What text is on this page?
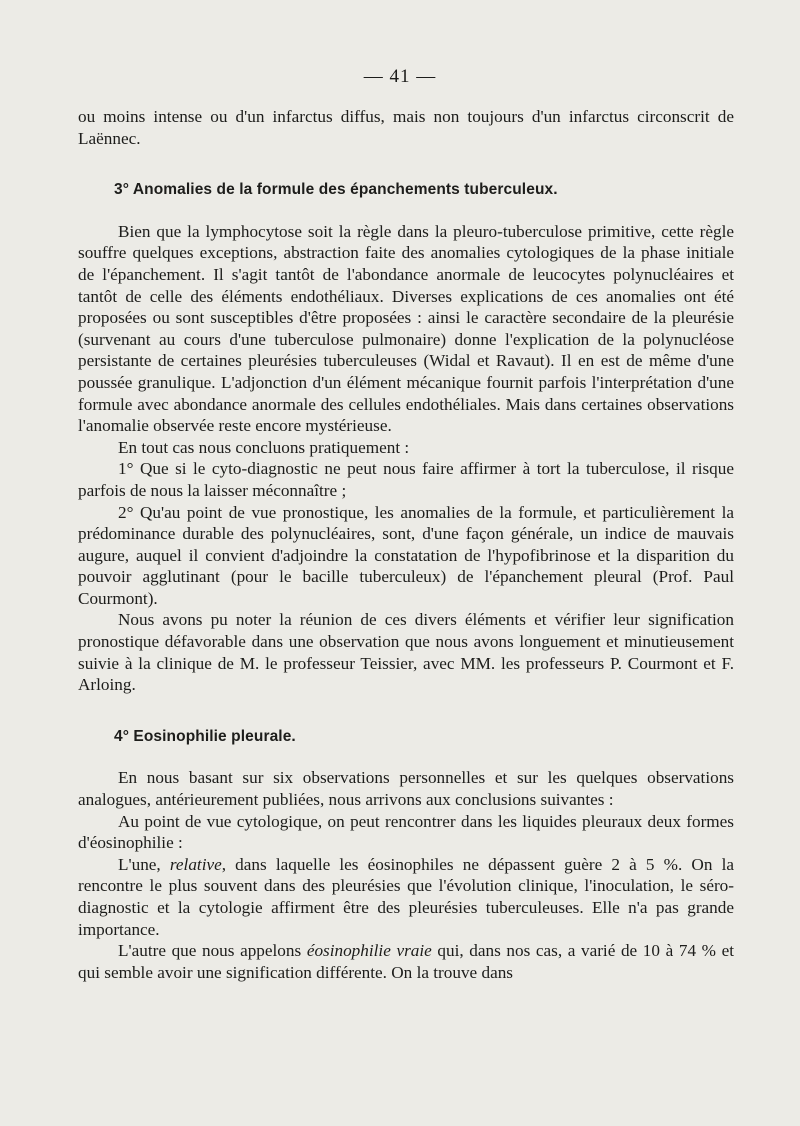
— 41 —

ou moins intense ou d'un infarctus diffus, mais non toujours d'un infarctus circonscrit de Laënnec.

3° Anomalies de la formule des épanchements tuberculeux.

Bien que la lymphocytose soit la règle dans la pleuro-tuberculose primitive, cette règle souffre quelques exceptions, abstraction faite des anomalies cytologiques de la phase initiale de l'épanchement. Il s'agit tantôt de l'abondance anormale de leucocytes polynucléaires et tantôt de celle des éléments endothéliaux. Diverses explications de ces anomalies ont été proposées ou sont susceptibles d'être proposées : ainsi le caractère secondaire de la pleurésie (survenant au cours d'une tuberculose pulmonaire) donne l'explication de la polynucléose persistante de certaines pleurésies tuberculeuses (Widal et Ravaut). Il en est de même d'une poussée granulique. L'adjonction d'un élément mécanique fournit parfois l'interprétation d'une formule avec abondance anormale des cellules endothéliales. Mais dans certaines observations l'anomalie observée reste encore mystérieuse.

En tout cas nous concluons pratiquement :

1° Que si le cyto-diagnostic ne peut nous faire affirmer à tort la tuberculose, il risque parfois de nous la laisser méconnaître ;

2° Qu'au point de vue pronostique, les anomalies de la formule, et particulièrement la prédominance durable des polynucléaires, sont, d'une façon générale, un indice de mauvais augure, auquel il convient d'adjoindre la constatation de l'hypofibrinose et la disparition du pouvoir agglutinant (pour le bacille tuberculeux) de l'épanchement pleural (Prof. Paul Courmont).

Nous avons pu noter la réunion de ces divers éléments et vérifier leur signification pronostique défavorable dans une observation que nous avons longuement et minutieusement suivie à la clinique de M. le professeur Teissier, avec MM. les professeurs P. Courmont et F. Arloing.

4° Eosinophilie pleurale.

En nous basant sur six observations personnelles et sur les quelques observations analogues, antérieurement publiées, nous arrivons aux conclusions suivantes :

Au point de vue cytologique, on peut rencontrer dans les liquides pleuraux deux formes d'éosinophilie :

L'une, relative, dans laquelle les éosinophiles ne dépassent guère 2 à 5 %. On la rencontre le plus souvent dans des pleurésies que l'évolution clinique, l'inoculation, le séro-diagnostic et la cytologie affirment être des pleurésies tuberculeuses. Elle n'a pas grande importance.

L'autre que nous appelons éosinophilie vraie qui, dans nos cas, a varié de 10 à 74 % et qui semble avoir une signification différente. On la trouve dans
